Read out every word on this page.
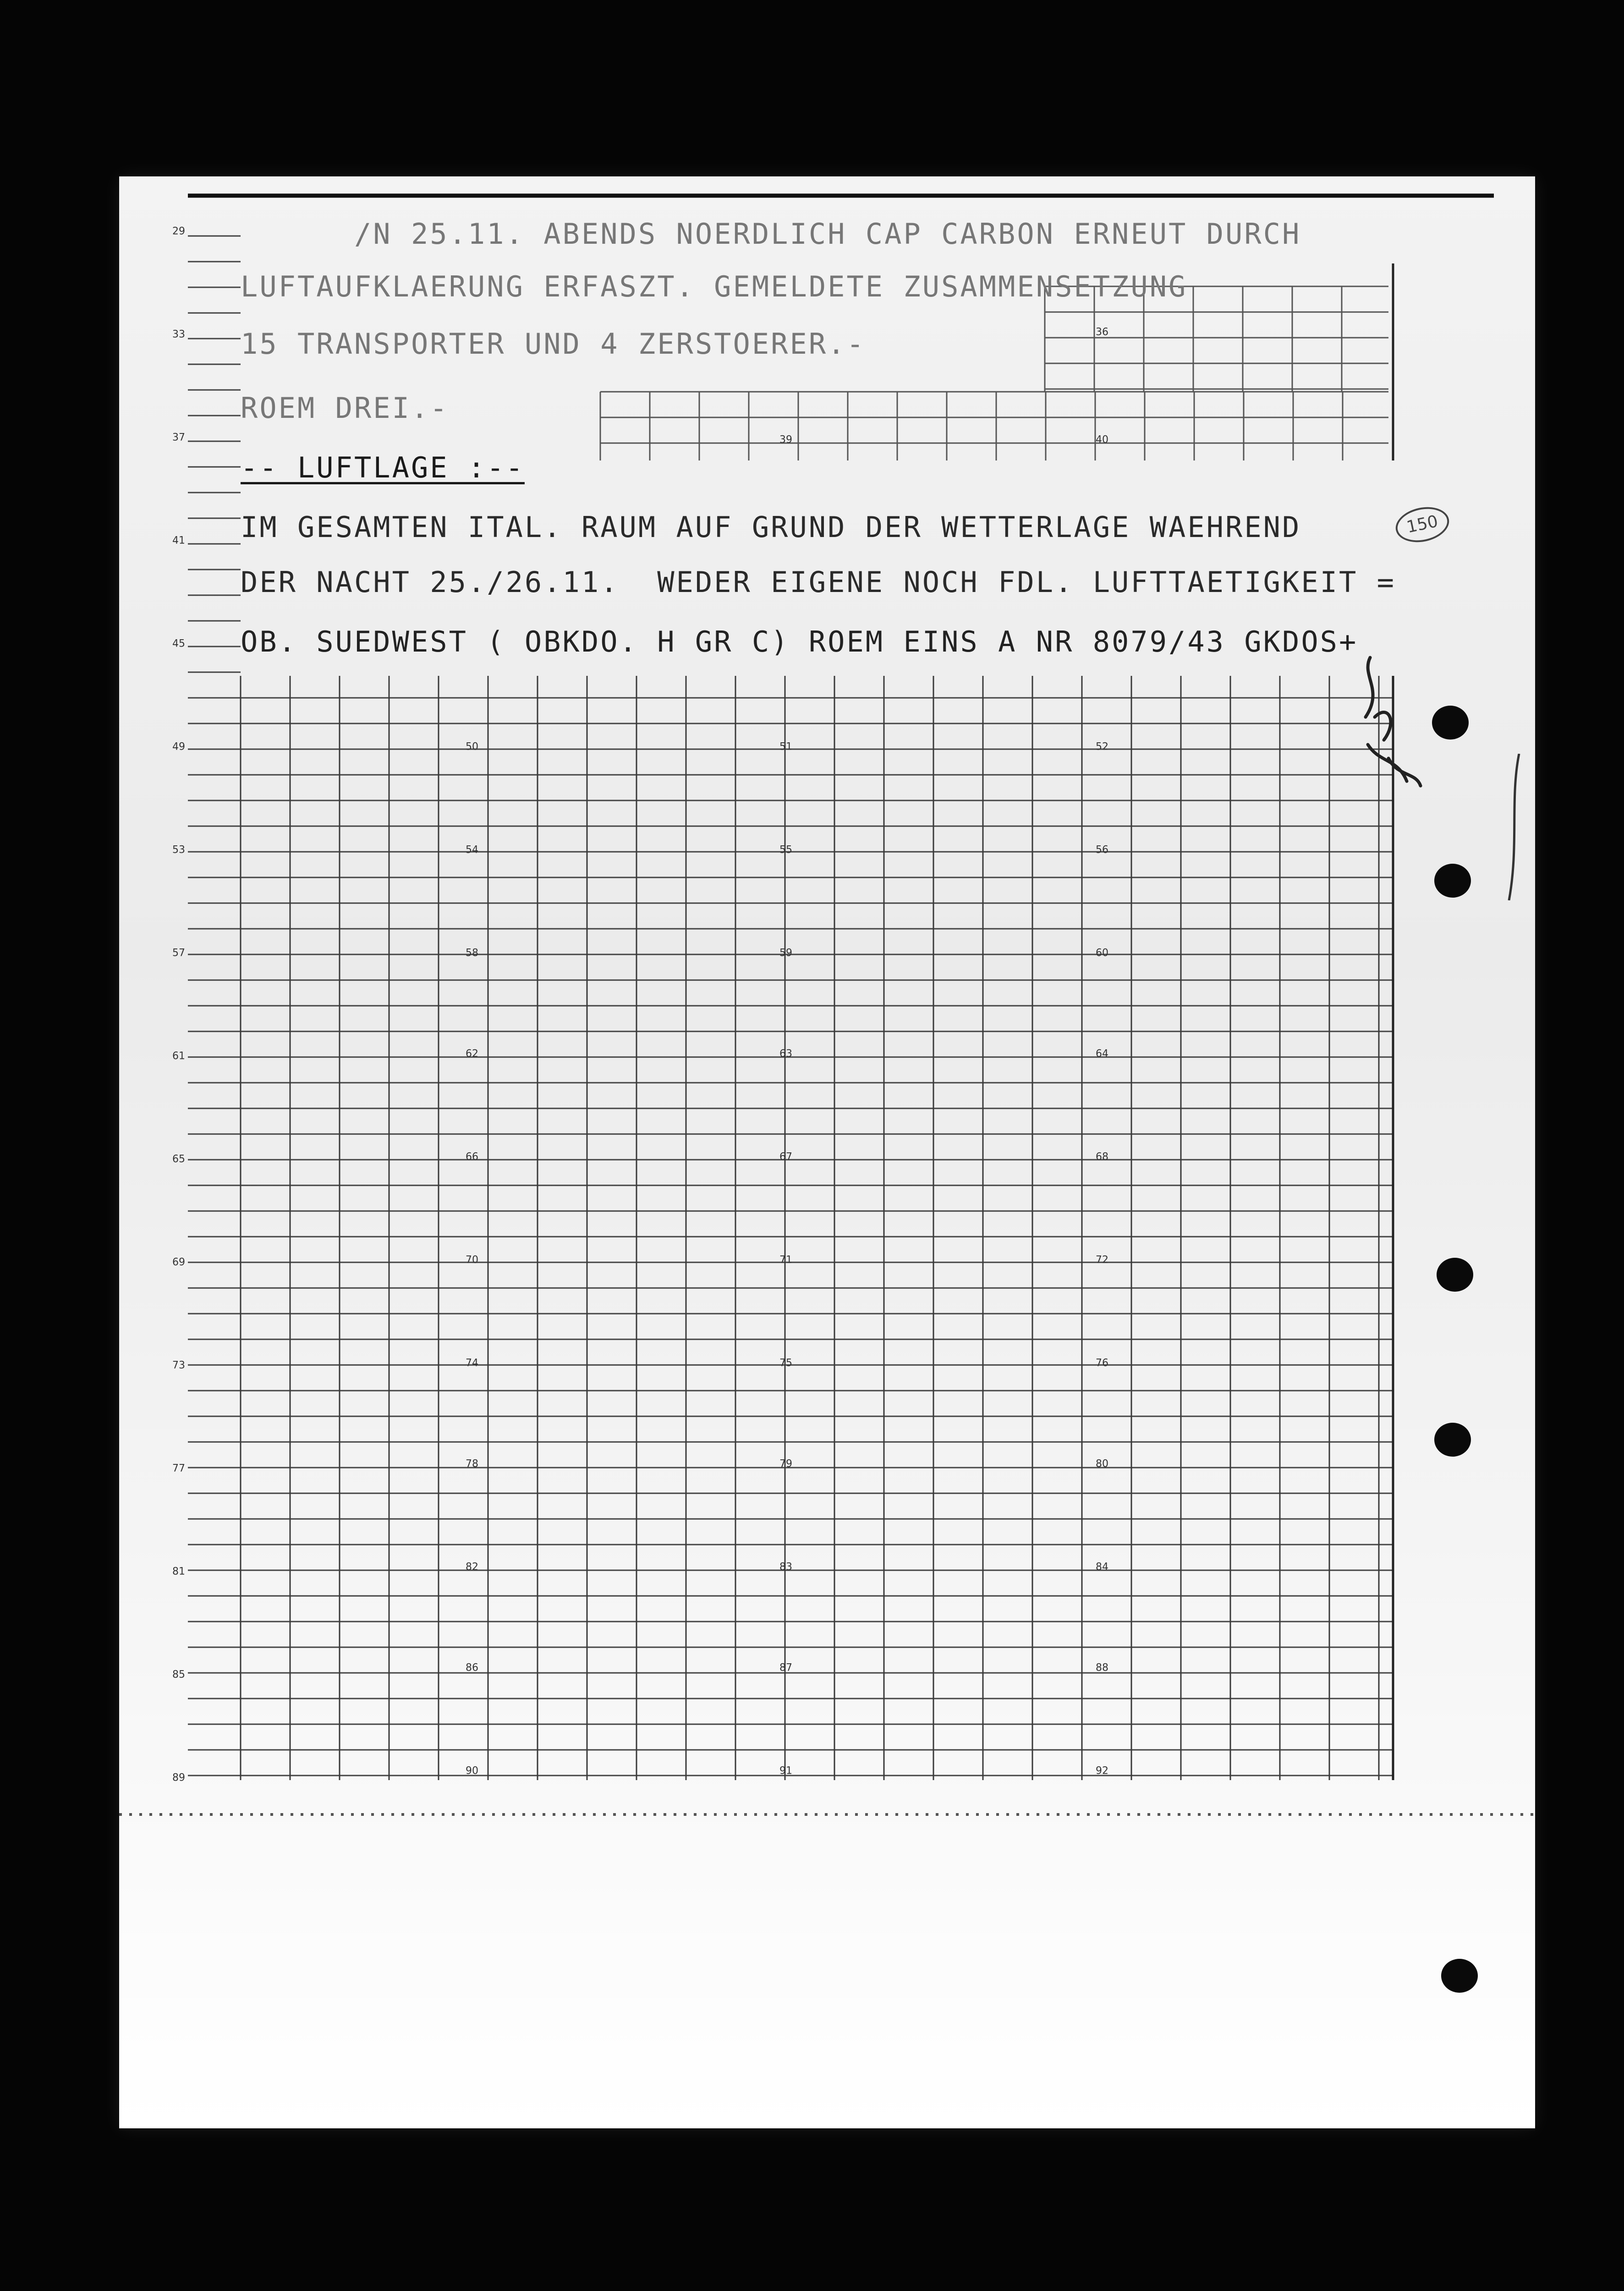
/N 25.11. ABENDS NOERDLICH CAP CARBON ERNEUT DURCH
LUFTAUFKLAERUNG ERFASZT. GEMELDETE ZUSAMMENSETZUNG
15 TRANSPORTER UND 4 ZERSTOERER.-
ROEM DREI.-
-- LUFTLAGE :--
IM GESAMTEN ITAL. RAUM AUF GRUND DER WETTERLAGE WAEHREND
DER NACHT 25./26.11.  WEDER EIGENE NOCH FDL. LUFTTAETIGKEIT =
OB. SUEDWEST ( OBKDO. H GR C) ROEM EINS A NR 8079/43 GKDOS+
150
29
33
37
41
45
49
53
57
61
65
69
73
77
81
85
89
36
39	40
50	51	52
54	55	56
58	59	60
62	63	64
66	67	68
70	71	72
74	75	76
78	79	80
82	83	84
86	87	88
90	91	92
